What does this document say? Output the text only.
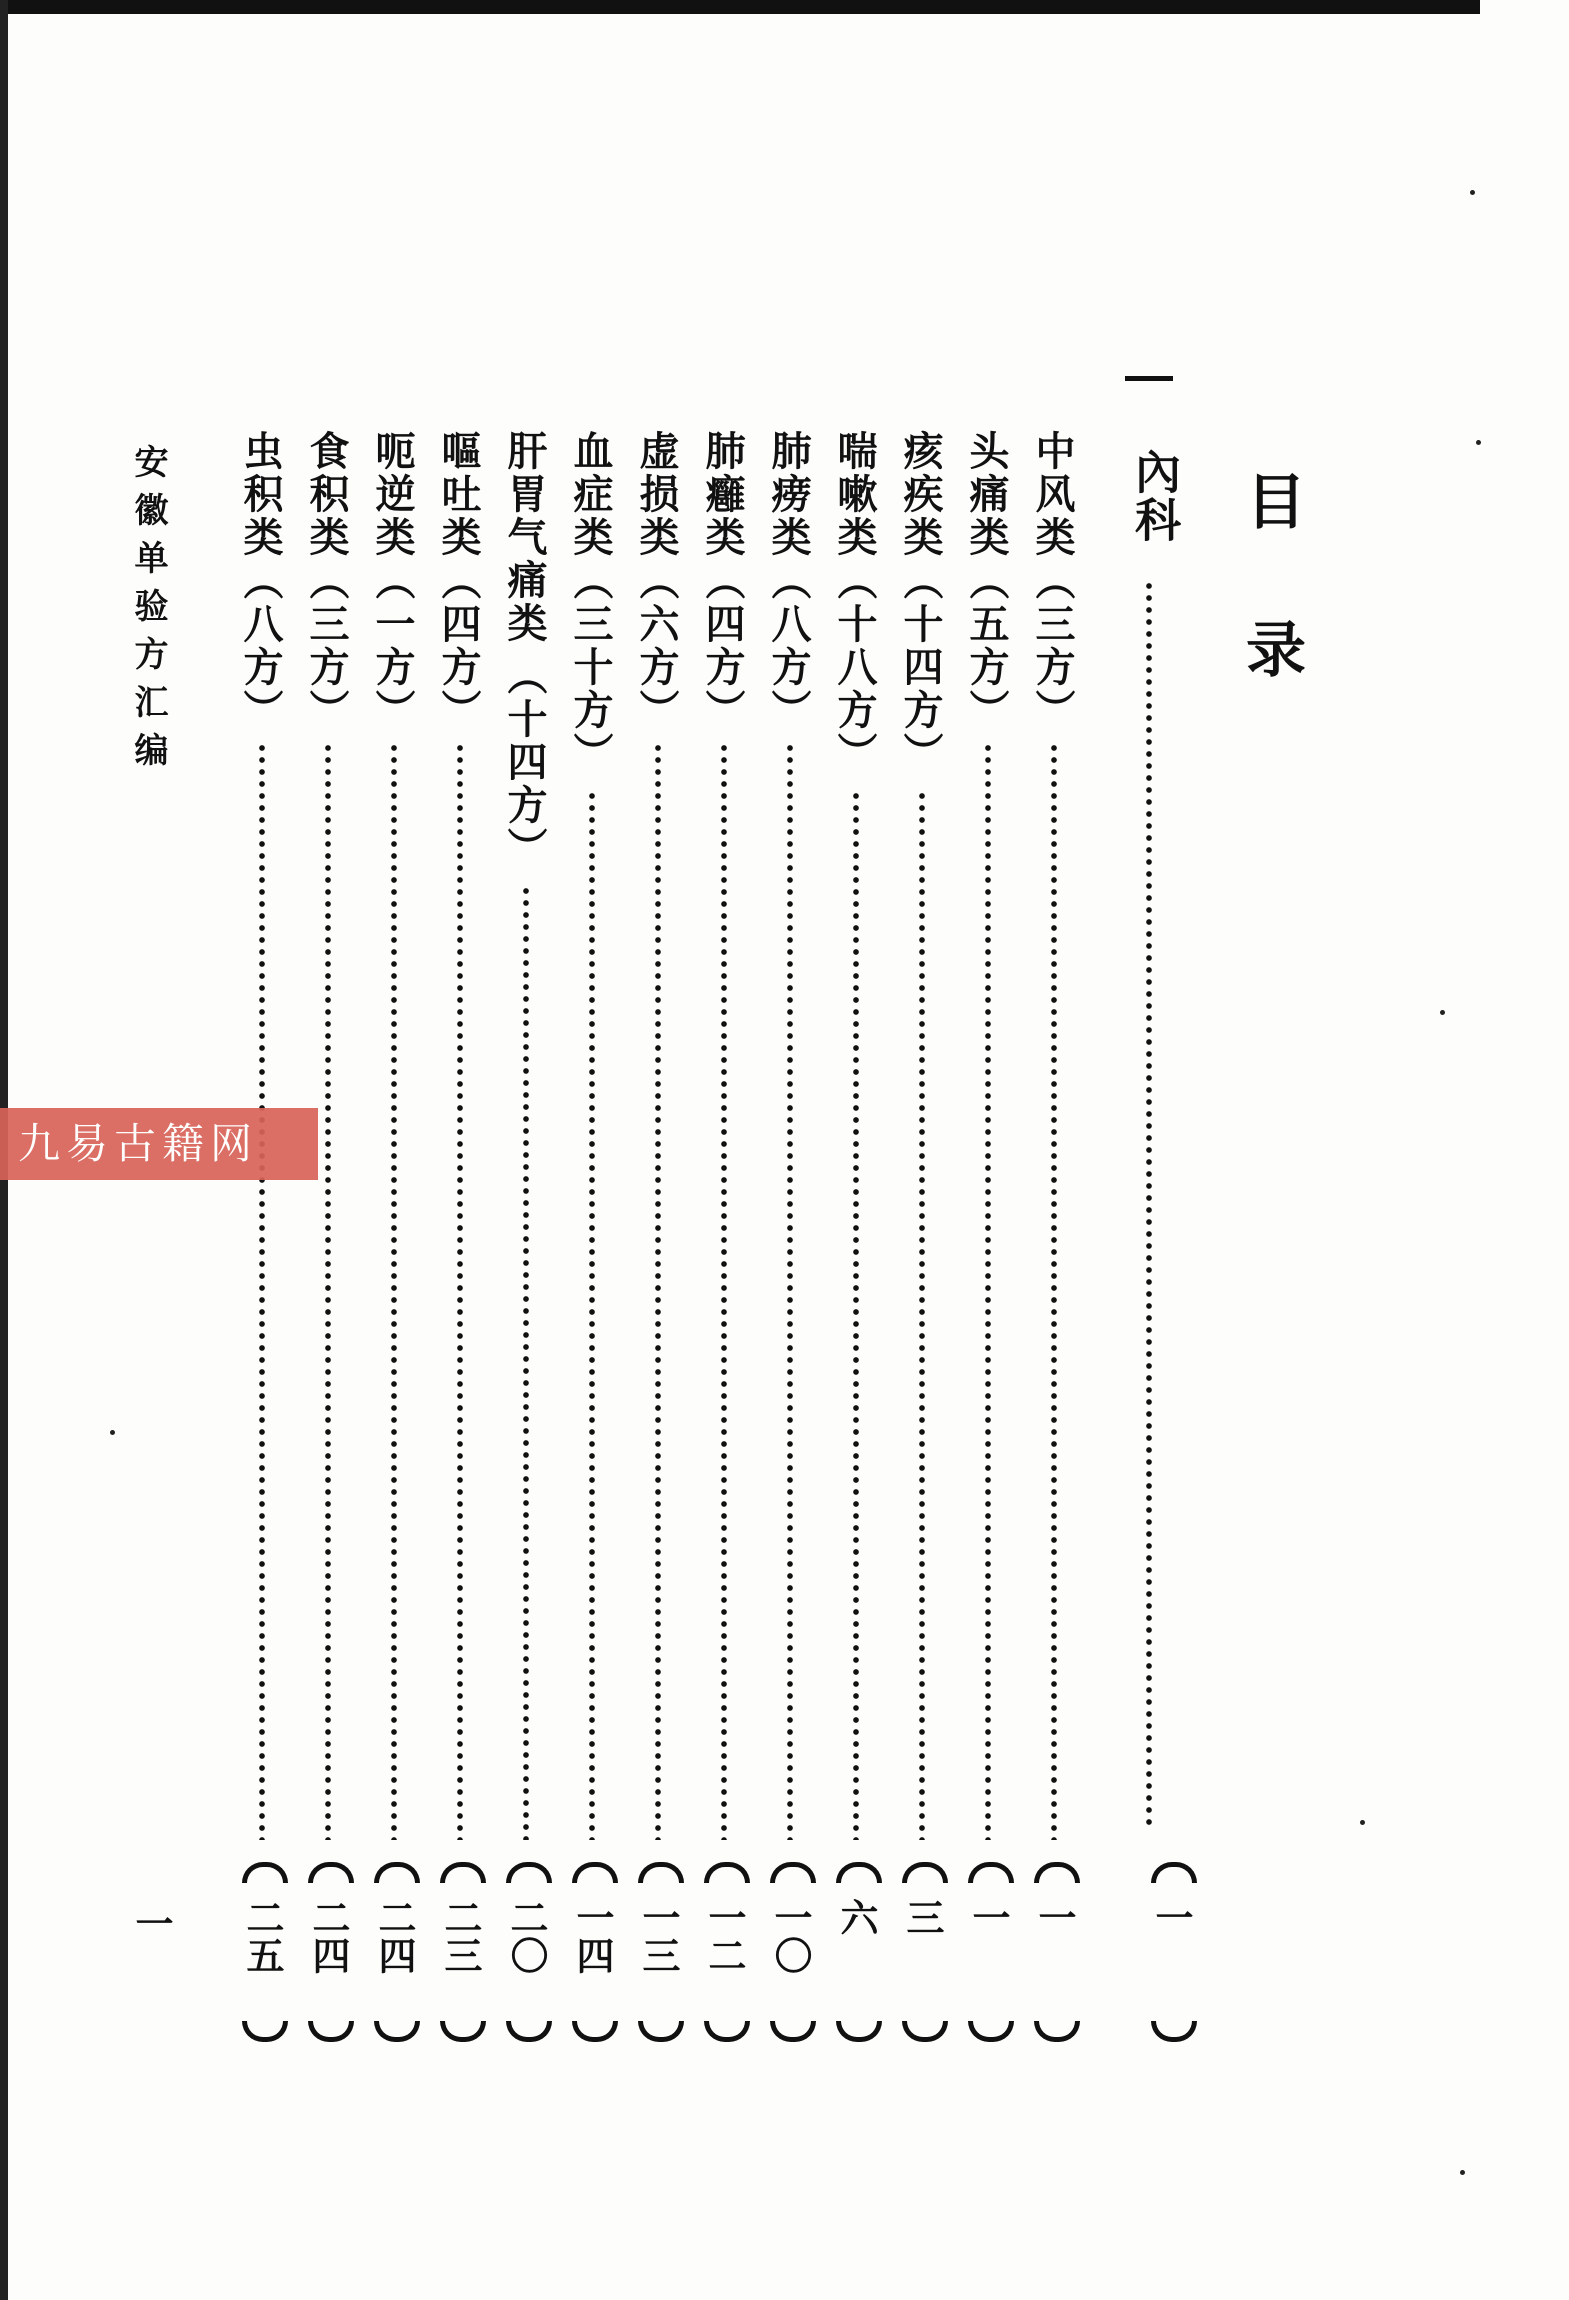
目录
內科
一
中风类
（三方）
一
头痛类
（五方）
一
痎疾类
（十四方）
三
喘嗽类
（十八方）
六
肺痨类
（八方）
一〇
肺癰类
（四方）
一二
虚损类
（六方）
一三
血症类
（三十方）
一四
肝胃气痛类
（十四方）
二〇
嘔吐类
（四方）
二三
呃逆类
（一方）
二四
食积类
（三方）
二四
虫积类
（八方）
二五
安徽单验方汇编
一
九易古籍网
